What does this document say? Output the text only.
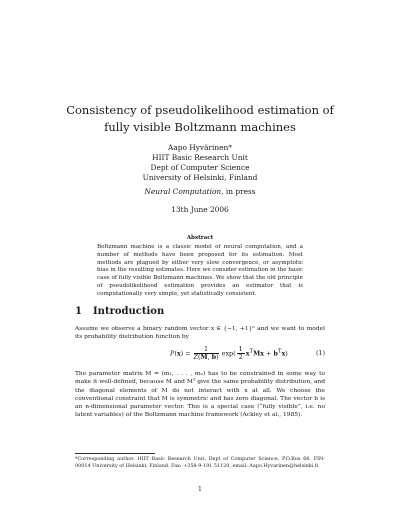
Consistency of pseudolikelihood estimation of
fully visible Boltzmann machines
Aapo Hyvärinen*
HIIT Basic Research Unit
Dept of Computer Science
University of Helsinki, Finland
Neural Computation, in press
13th June 2006
Abstract
Boltzmann machine is a classic model of neural computation, and a number of methods have been proposed for its estimation. Most methods are plagued by either very slow convergence, or asymptotic bias in the resulting estimates. Here we consider estimation in the basic case of fully visible Boltzmann machines. We show that the old principle of pseudolikelihood estimation provides an estimator that is computationally very simple, yet statistically consistent.
1 Introduction
Assume we observe a binary random vector x ∈ {−1, +1}ⁿ and we want to model its probability distribution function by
$P(x) = \frac{1}{Z(M, b)} \exp( \frac{1}{2} x^TMx + b^Tx)$	(1)
The parameter matrix M = (m₁, . . . , mₙ) has to be constrained in some way to make it well-defined, because M and Mᵀ give the same probability distribution, and the diagonal elements of M do not interact with x at all. We choose the conventional constraint that M is symmetric and has zero diagonal. The vector b is an n-dimensional parameter vector. This is a special case (“fully visible”, i.e. no latent variables) of the Boltzmann machine framework (Ackley et al., 1985).
*Corresponding author. HIIT Basic Research Unit, Dept of Computer Science, P.O.Box 68, FIN-00014 University of Helsinki, Finland. Fax: +358-9-191 51120, email: Aapo.Hyvarinen@helsinki.fi
1
